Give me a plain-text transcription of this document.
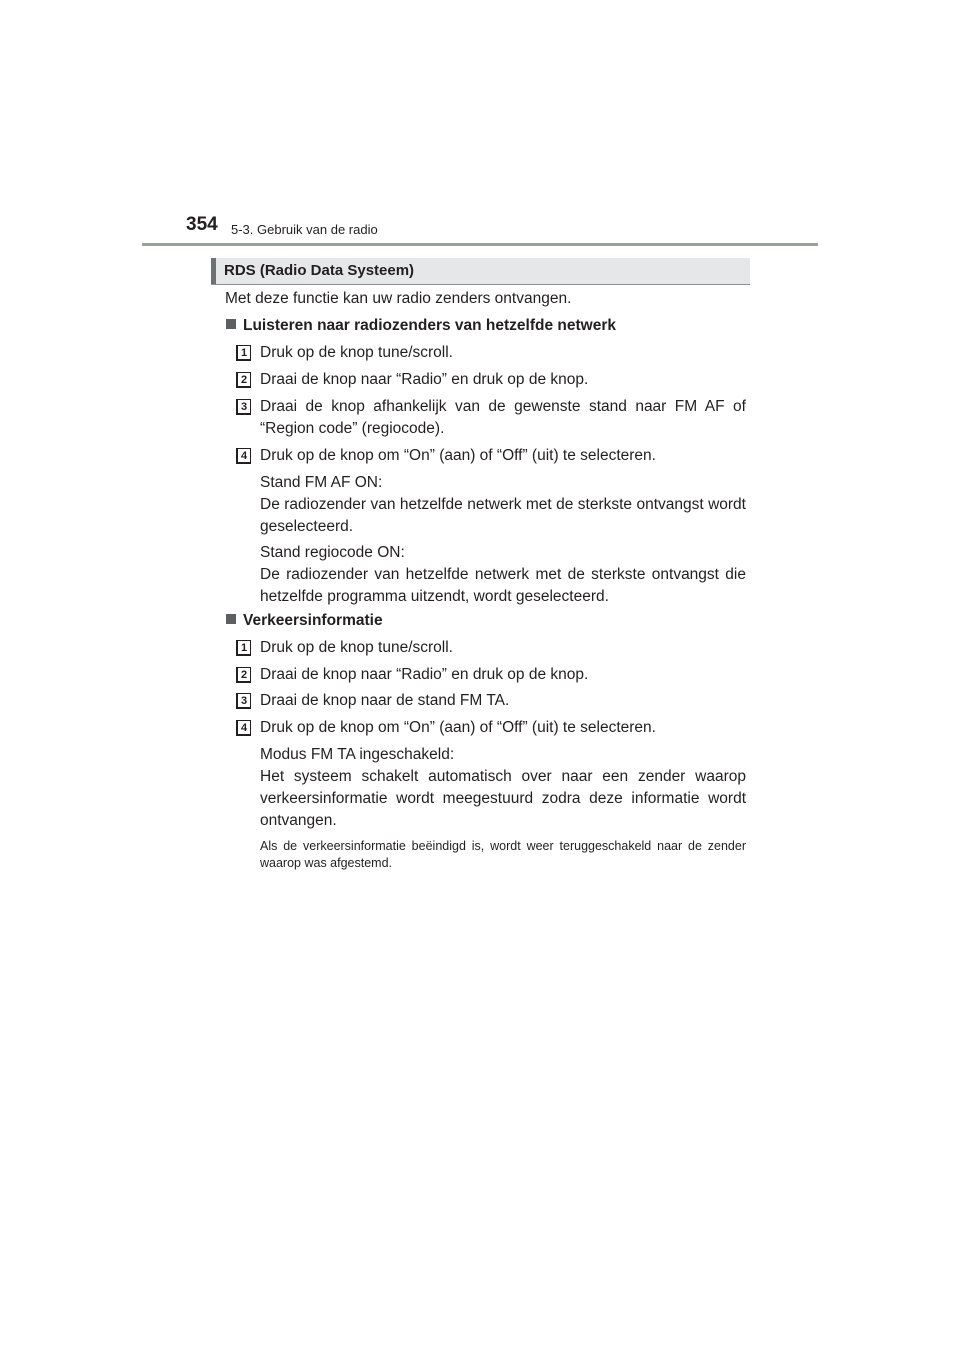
354 5-3. Gebruik van de radio
RDS (Radio Data Systeem)
Met deze functie kan uw radio zenders ontvangen.
Luisteren naar radiozenders van hetzelfde netwerk
1 Druk op de knop tune/scroll.
2 Draai de knop naar “Radio” en druk op de knop.
3 Draai de knop afhankelijk van de gewenste stand naar FM AF of “Region code” (regiocode).
4 Druk op de knop om “On” (aan) of “Off” (uit) te selecteren.
Stand FM AF ON:
De radiozender van hetzelfde netwerk met de sterkste ontvangst wordt geselecteerd.
Stand regiocode ON:
De radiozender van hetzelfde netwerk met de sterkste ontvangst die hetzelfde programma uitzendt, wordt geselecteerd.
Verkeersinformatie
1 Druk op de knop tune/scroll.
2 Draai de knop naar “Radio” en druk op de knop.
3 Draai de knop naar de stand FM TA.
4 Druk op de knop om “On” (aan) of “Off” (uit) te selecteren.
Modus FM TA ingeschakeld:
Het systeem schakelt automatisch over naar een zender waarop verkeersinformatie wordt meegestuurd zodra deze informatie wordt ontvangen.
Als de verkeersinformatie beëindigd is, wordt weer teruggeschakeld naar de zender waarop was afgestemd.
